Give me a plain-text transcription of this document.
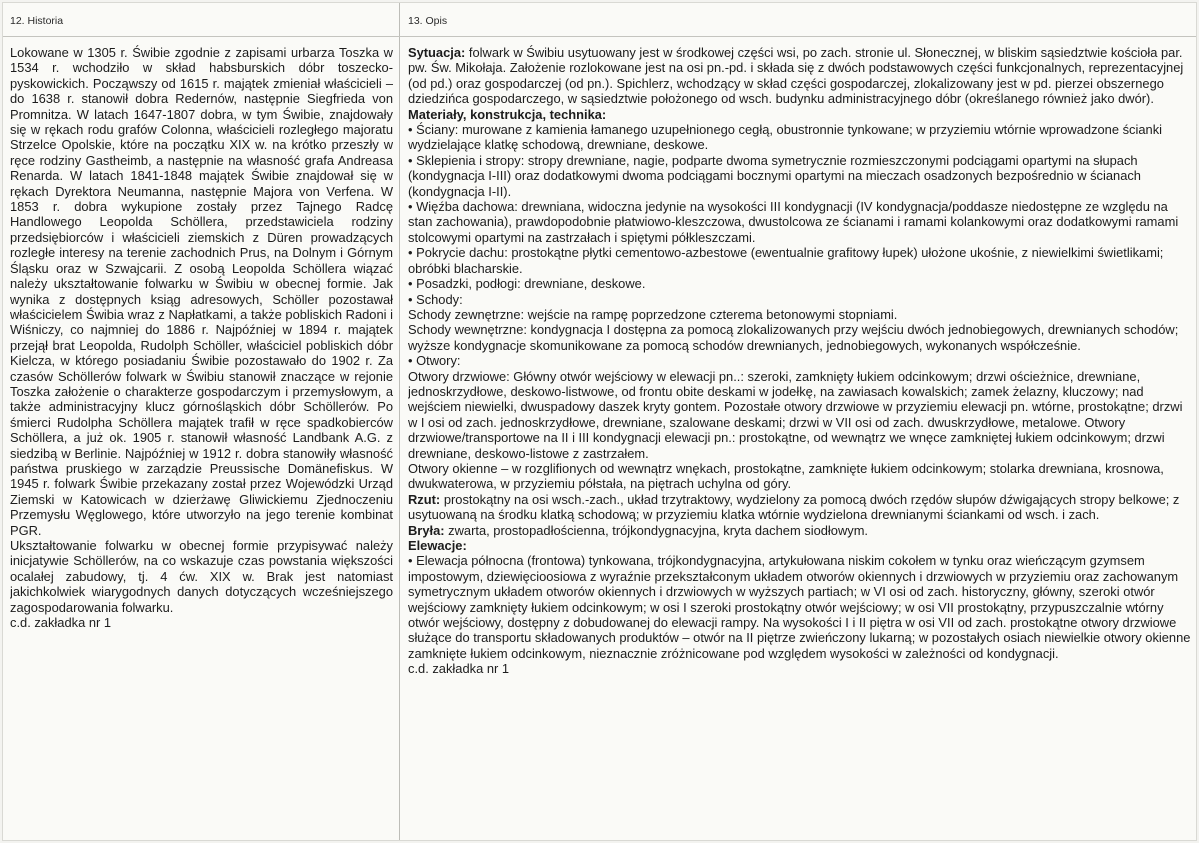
12. Historia	13. Opis

Lokowane w 1305 r. Świbie zgodnie z zapisami urbarza Toszka w 1534 r. wchodziło w skład habsburskich dóbr toszecko-pyskowickich. Począwszy od 1615 r. majątek zmieniał właścicieli – do 1638 r. stanowił dobra Redernów, następnie Siegfrieda von Promnitza. W latach 1647-1807 dobra, w tym Świbie, znajdowały się w rękach rodu grafów Colonna, właścicieli rozległego majoratu Strzelce Opolskie, które na początku XIX w. na krótko przeszły w ręce rodziny Gastheimb, a następnie na własność grafa Andreasa Renarda. W latach 1841-1848 majątek Świbie znajdował się w rękach Dyrektora Neumanna, następnie Majora von Verfena. W 1853 r. dobra wykupione zostały przez Tajnego Radcę Handlowego Leopolda Schöllera, przedstawiciela rodziny przedsiębiorców i właścicieli ziemskich z Düren prowadzących rozległe interesy na terenie zachodnich Prus, na Dolnym i Górnym Śląsku oraz w Szwajcarii. Z osobą Leopolda Schöllera wiązać należy ukształtowanie folwarku w Świbiu w obecnej formie. Jak wynika z dostępnych ksiąg adresowych, Schöller pozostawał właścicielem Świbia wraz z Napłatkami, a także pobliskich Radoni i Wiśniczy, co najmniej do 1886 r. Najpóźniej w 1894 r. majątek przejął brat Leopolda, Rudolph Schöller, właściciel pobliskich dóbr Kielcza, w którego posiadaniu Świbie pozostawało do 1902 r. Za czasów Schöllerów folwark w Świbiu stanowił znaczące w rejonie Toszka założenie o charakterze gospodarczym i przemysłowym, a także administracyjny klucz górnośląskich dóbr Schöllerów. Po śmierci Rudolpha Schöllera majątek trafił w ręce spadkobierców Schöllera, a już ok. 1905 r. stanowił własność Landbank A.G. z siedzibą w Berlinie. Najpóźniej w 1912 r. dobra stanowiły własność państwa pruskiego w zarządzie Preussische Domänefiskus. W 1945 r. folwark Świbie przekazany został przez Wojewódzki Urząd Ziemski w Katowicach w dzierżawę Gliwickiemu Zjednoczeniu Przemysłu Węglowego, które utworzyło na jego terenie kombinat PGR.

Ukształtowanie folwarku w obecnej formie przypisywać należy inicjatywie Schöllerów, na co wskazuje czas powstania większości ocalałej zabudowy, tj. 4 ćw. XIX w. Brak jest natomiast jakichkolwiek wiarygodnych danych dotyczących wcześniejszego zagospodarowania folwarku.

c.d. zakładka nr 1

Sytuacja: folwark w Świbiu usytuowany jest w środkowej części wsi, po zach. stronie ul. Słonecznej, w bliskim sąsiedztwie kościoła par. pw. Św. Mikołaja. Założenie rozlokowane jest na osi pn.-pd. i składa się z dwóch podstawowych części funkcjonalnych, reprezentacyjnej (od pd.) oraz gospodarczej (od pn.). Spichlerz, wchodzący w skład części gospodarczej, zlokalizowany jest w pd. pierzei obszernego dziedzińca gospodarczego, w sąsiedztwie położonego od wsch. budynku administracyjnego dóbr (określanego również jako dwór).

Materiały, konstrukcja, technika:

• Ściany: murowane z kamienia łamanego uzupełnionego cegłą, obustronnie tynkowane; w przyziemiu wtórnie wprowadzone ścianki wydzielające klatkę schodową, drewniane, deskowe.

• Sklepienia i stropy: stropy drewniane, nagie, podparte dwoma symetrycznie rozmieszczonymi podciągami opartymi na słupach (kondygnacja I-III) oraz dodatkowymi dwoma podciągami bocznymi opartymi na mieczach osadzonych bezpośrednio w ścianach (kondygnacja I-II).

• Więźba dachowa: drewniana, widoczna jedynie na wysokości III kondygnacji (IV kondygnacja/poddasze niedostępne ze względu na stan zachowania), prawdopodobnie płatwiowo-kleszczowa, dwustolcowa ze ścianami i ramami kolankowymi oraz dodatkowymi ramami stolcowymi opartymi na zastrzałach i spiętymi półkleszczami.

• Pokrycie dachu: prostokątne płytki cementowo-azbestowe (ewentualnie grafitowy łupek) ułożone ukośnie, z niewielkimi świetlikami; obróbki blacharskie.

• Posadzki, podłogi: drewniane, deskowe.

• Schody:

Schody zewnętrzne: wejście na rampę poprzedzone czterema betonowymi stopniami.

Schody wewnętrzne: kondygnacja I dostępna za pomocą zlokalizowanych przy wejściu dwóch jednobiegowych, drewnianych schodów; wyższe kondygnacje skomunikowane za pomocą schodów drewnianych, jednobiegowych, wykonanych współcześnie.

• Otwory:

Otwory drzwiowe: Główny otwór wejściowy w elewacji pn..: szeroki, zamknięty łukiem odcinkowym; drzwi ościeżnice, drewniane, jednoskrzydłowe, deskowo-listwowe, od frontu obite deskami w jodełkę, na zawiasach kowalskich; zamek żelazny, kluczowy; nad wejściem niewielki, dwuspadowy daszek kryty gontem. Pozostałe otwory drzwiowe w przyziemiu elewacji pn. wtórne, prostokątne; drzwi w I osi od zach. jednoskrzydłowe, drewniane, szalowane deskami; drzwi w VII osi od zach. dwuskrzydłowe, metalowe. Otwory drzwiowe/transportowe na II i III kondygnacji elewacji pn.: prostokątne, od wewnątrz we wnęce zamkniętej łukiem odcinkowym; drzwi drewniane, deskowo-listowe z zastrzałem.

Otwory okienne – w rozglifionych od wewnątrz wnękach, prostokątne, zamknięte łukiem odcinkowym; stolarka drewniana, krosnowa, dwukwaterowa, w przyziemiu półstała, na piętrach uchylna od góry.

Rzut: prostokątny na osi wsch.-zach., układ trzytraktowy, wydzielony za pomocą dwóch rzędów słupów dźwigających stropy belkowe; z usytuowaną na środku klatką schodową; w przyziemiu klatka wtórnie wydzielona drewnianymi ściankami od wsch. i zach.

Bryła: zwarta, prostopadłościenna, trójkondygnacyjna, kryta dachem siodłowym.

Elewacje:

• Elewacja północna (frontowa) tynkowana, trójkondygnacyjna, artykułowana niskim cokołem w tynku oraz wieńczącym gzymsem impostowym, dziewięcioosiowa z wyraźnie przekształconym układem otworów okiennych i drzwiowych w przyziemiu oraz zachowanym symetrycznym układem otworów okiennych i drzwiowych w wyższych partiach; w VI osi od zach. historyczny, główny, szeroki otwór wejściowy zamknięty łukiem odcinkowym; w osi I szeroki prostokątny otwór wejściowy; w osi VII prostokątny, przypuszczalnie wtórny otwór wejściowy, dostępny z dobudowanej do elewacji rampy. Na wysokości I i II piętra w osi VII od zach. prostokątne otwory drzwiowe służące do transportu składowanych produktów – otwór na II piętrze zwieńczony lukarną; w pozostałych osiach niewielkie otwory okienne zamknięte łukiem odcinkowym, nieznacznie zróżnicowane pod względem wysokości w zależności od kondygnacji.

c.d. zakładka nr 1
